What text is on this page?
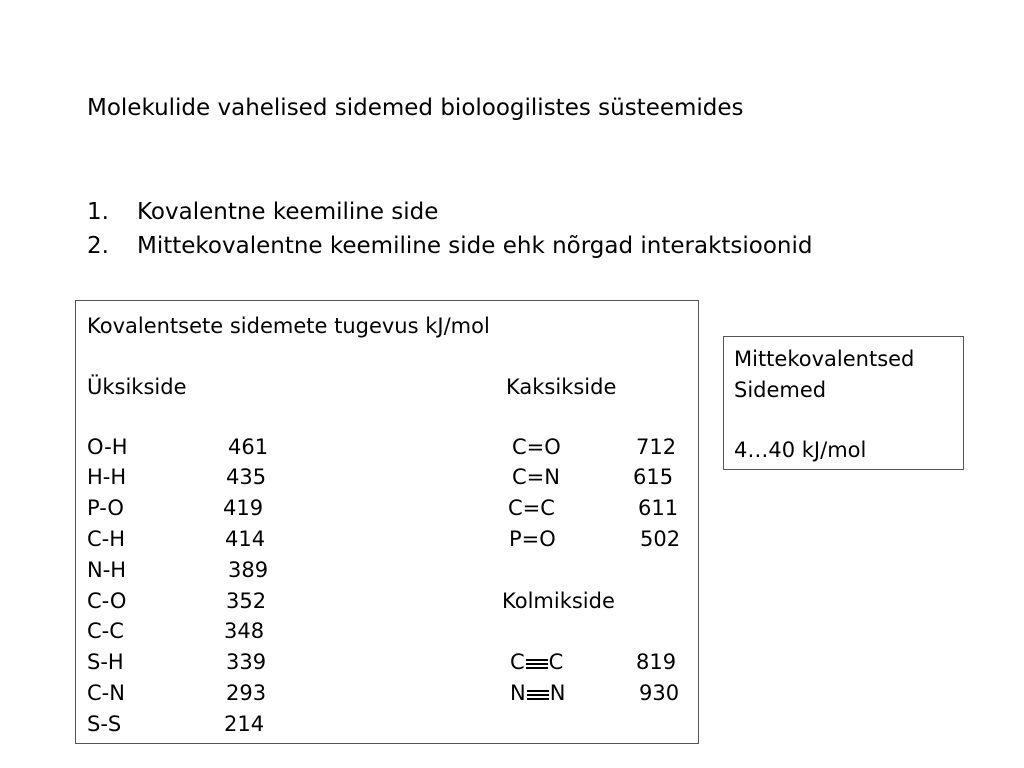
Molekulide vahelised sidemed bioloogilistes süsteemides
1. Kovalentne keemiline side
2. Mittekovalentne keemiline side ehk nõrgad interaktsioonid
Kovalentsete sidemete tugevus kJ/mol
Üksikside	Kaksikside
O-H	461
H-H	435
P-O	419
C-H	414
N-H	389
C-O	352
C-C	348
S-H	339
C-N	293
S-S	214
C=O	712
C=N	615
C=C	611
P=O	502
Kolmikside
C C	819
N N	930
Mittekovalentsed
Sidemed
4…40 kJ/mol
